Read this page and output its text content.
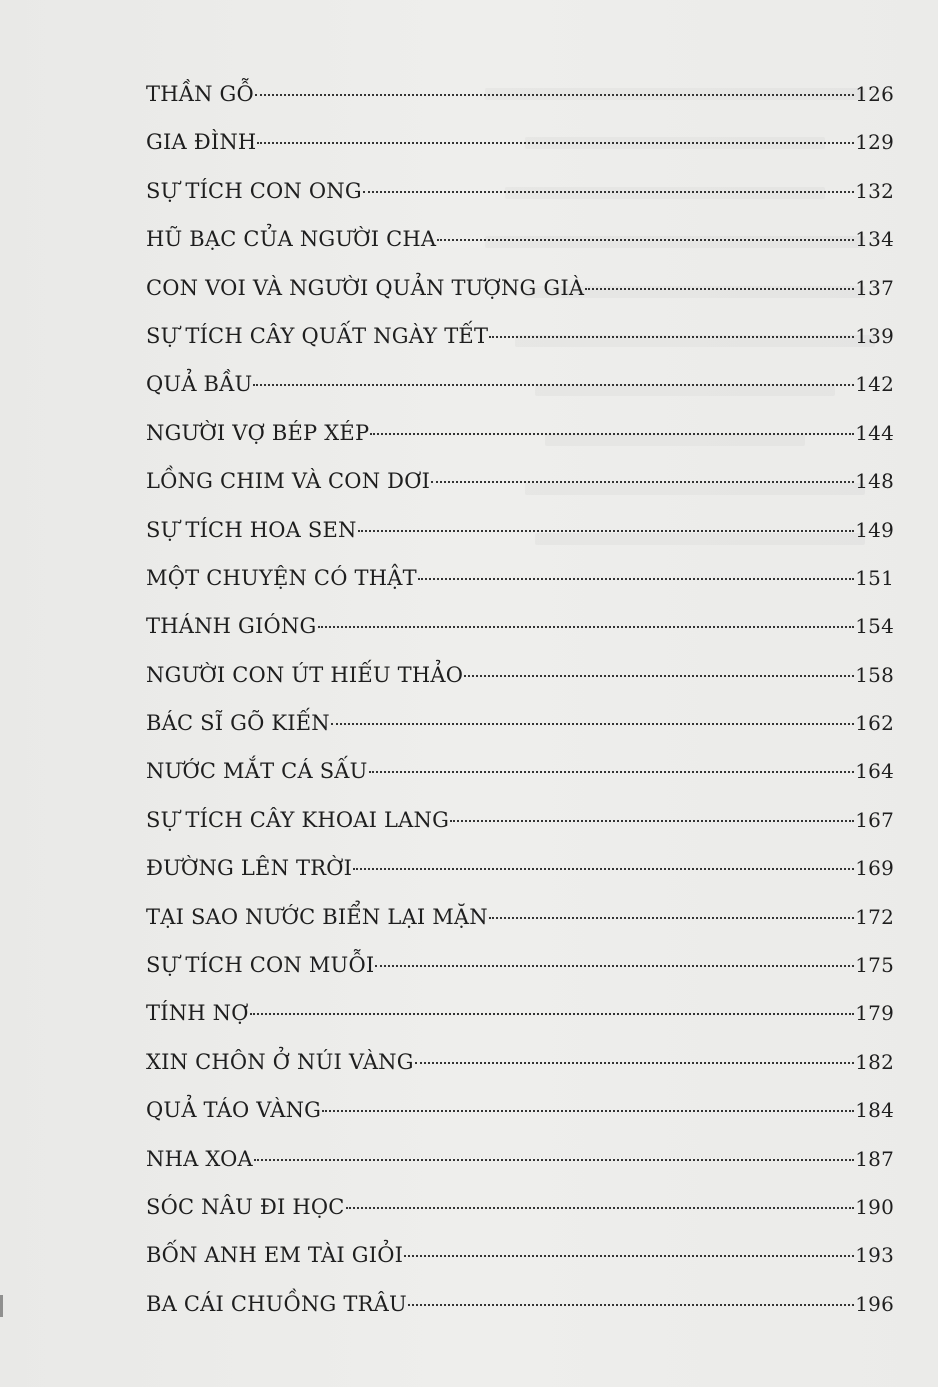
THẦN GỖ	126
GIA ĐÌNH	129
SỰ TÍCH CON ONG	132
HŨ BẠC CỦA NGƯỜI CHA	134
CON VOI VÀ NGƯỜI QUẢN TƯỢNG GIÀ	137
SỰ TÍCH CÂY QUẤT NGÀY TẾT	139
QUẢ BẦU	142
NGƯỜI VỢ BÉP XÉP	144
LỒNG CHIM VÀ CON DƠI	148
SỰ TÍCH HOA SEN	149
MỘT CHUYỆN CÓ THẬT	151
THÁNH GIÓNG	154
NGƯỜI CON ÚT HIẾU THẢO	158
BÁC SĨ GÕ KIẾN	162
NƯỚC MẮT CÁ SẤU	164
SỰ TÍCH CÂY KHOAI LANG	167
ĐƯỜNG LÊN TRỜI	169
TẠI SAO NƯỚC BIỂN LẠI MẶN	172
SỰ TÍCH CON MUỖI	175
TÍNH NỢ	179
XIN CHÔN Ở NÚI VÀNG	182
QUẢ TÁO VÀNG	184
NHA XOA	187
SÓC NÂU ĐI HỌC	190
BỐN ANH EM TÀI GIỎI	193
BA CÁI CHUỒNG TRÂU	196
